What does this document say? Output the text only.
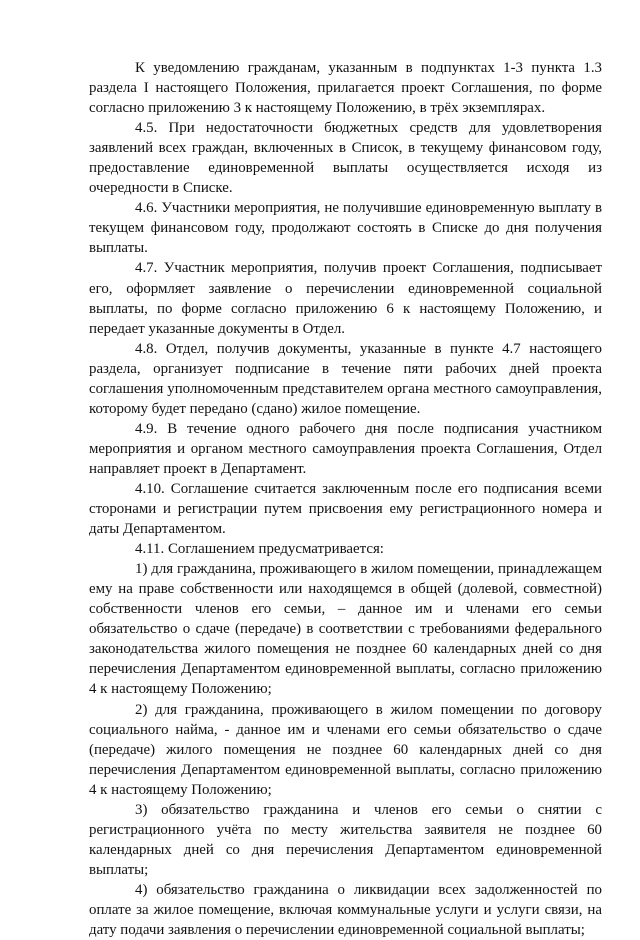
К уведомлению гражданам, указанным в подпунктах 1-3 пункта 1.3 раздела I настоящего Положения, прилагается проект Соглашения, по форме согласно приложению 3 к настоящему Положению, в трёх экземплярах.

4.5. При недостаточности бюджетных средств для удовлетворения заявлений всех граждан, включенных в Список, в текущему финансовом году, предоставление единовременной выплаты осуществляется исходя из очередности в Списке.

4.6. Участники мероприятия, не получившие единовременную выплату в текущем финансовом году, продолжают состоять в Списке до дня получения выплаты.

4.7. Участник мероприятия, получив проект Соглашения, подписывает его, оформляет заявление о перечислении единовременной социальной выплаты, по форме согласно приложению 6 к настоящему Положению, и передает указанные документы в Отдел.

4.8. Отдел, получив документы, указанные в пункте 4.7 настоящего раздела, организует подписание в течение пяти рабочих дней проекта соглашения уполномоченным представителем органа местного самоуправления, которому будет передано (сдано) жилое помещение.

4.9. В течение одного рабочего дня после подписания участником мероприятия и органом местного самоуправления проекта Соглашения, Отдел направляет проект в Департамент.

4.10. Соглашение считается заключенным после его подписания всеми сторонами и регистрации путем присвоения ему регистрационного номера и даты Департаментом.

4.11. Соглашением предусматривается:

1) для гражданина, проживающего в жилом помещении, принадлежащем ему на праве собственности или находящемся в общей (долевой, совместной) собственности членов его семьи, – данное им и членами его семьи обязательство о сдаче (передаче) в соответствии с требованиями федерального законодательства жилого помещения не позднее 60 календарных дней со дня перечисления Департаментом единовременной выплаты, согласно приложению 4 к настоящему Положению;

2) для гражданина, проживающего в жилом помещении по договору социального найма, - данное им и членами его семьи обязательство о сдаче (передаче) жилого помещения не позднее 60 календарных дней со дня перечисления Департаментом единовременной выплаты, согласно приложению 4 к настоящему Положению;

3) обязательство гражданина и членов его семьи о снятии с регистрационного учёта по месту жительства заявителя не позднее 60 календарных дней со дня перечисления Департаментом единовременной выплаты;

4) обязательство гражданина о ликвидации всех задолженностей по оплате за жилое помещение, включая коммунальные услуги и услуги связи, на дату подачи заявления о перечислении единовременной социальной выплаты;
